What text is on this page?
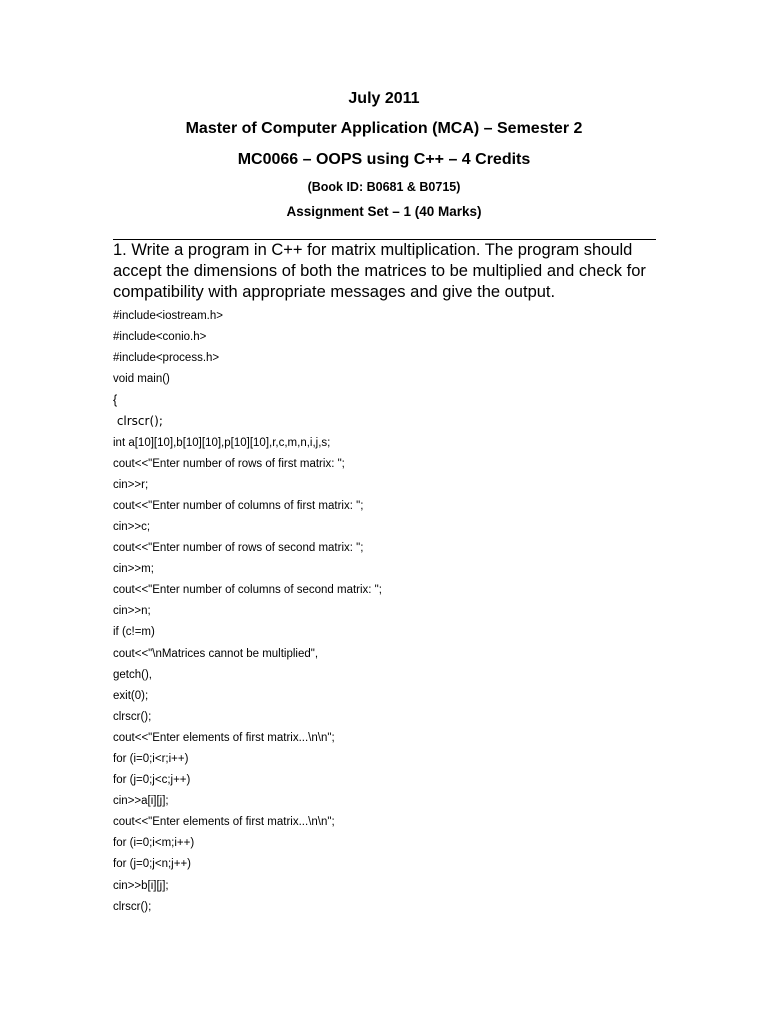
July 2011
Master of Computer Application (MCA) – Semester 2
MC0066 – OOPS using C++ – 4 Credits
(Book ID: B0681 & B0715)
Assignment Set – 1 (40 Marks)

1. Write a program in C++ for matrix multiplication. The program should accept the dimensions of both the matrices to be multiplied and check for compatibility with appropriate messages and give the output.

#include<iostream.h>
#include<conio.h>
#include<process.h>
void main()
{
clrscr();
int a[10][10],b[10][10],p[10][10],r,c,m,n,i,j,s;
cout<<"Enter number of rows of first matrix: ";
cin>>r;
cout<<"Enter number of columns of first matrix: ";
cin>>c;
cout<<"Enter number of rows of second matrix: ";
cin>>m;
cout<<"Enter number of columns of second matrix: ";
cin>>n;
if (c!=m)
cout<<"\nMatrices cannot be multiplied",
getch(),
exit(0);
clrscr();
cout<<"Enter elements of first matrix...\n\n";
for (i=0;i<r;i++)
for (j=0;j<c;j++)
cin>>a[i][j];
cout<<"Enter elements of first matrix...\n\n";
for (i=0;i<m;i++)
for (j=0;j<n;j++)
cin>>b[i][j];
clrscr();
